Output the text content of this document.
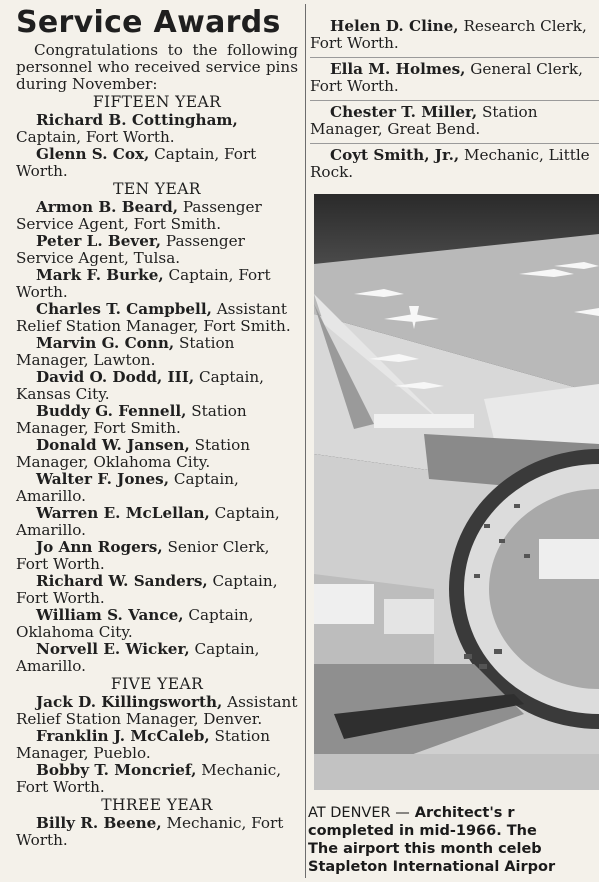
Service Awards
Congratulations to the following personnel who received service pins during November:
FIFTEEN YEAR
Richard B. Cottingham, Captain, Fort Worth.
Glenn S. Cox, Captain, Fort Worth.
TEN YEAR
Armon B. Beard, Passenger Service Agent, Fort Smith.
Peter L. Bever, Passenger Service Agent, Tulsa.
Mark F. Burke, Captain, Fort Worth.
Charles T. Campbell, Assistant Relief Station Manager, Fort Smith.
Marvin G. Conn, Station Manager, Lawton.
David O. Dodd, III, Captain, Kansas City.
Buddy G. Fennell, Station Manager, Fort Smith.
Donald W. Jansen, Station Manager, Oklahoma City.
Walter F. Jones, Captain, Amarillo.
Warren E. McLellan, Captain, Amarillo.
Jo Ann Rogers, Senior Clerk, Fort Worth.
Richard W. Sanders, Captain, Fort Worth.
William S. Vance, Captain, Oklahoma City.
Norvell E. Wicker, Captain, Amarillo.
FIVE YEAR
Jack D. Killingsworth, Assistant Relief Station Manager, Denver.
Franklin J. McCaleb, Station Manager, Pueblo.
Bobby T. Moncrief, Mechanic, Fort Worth.
THREE YEAR
Billy R. Beene, Mechanic, Fort Worth.
Helen D. Cline, Research Clerk, Fort Worth.
Ella M. Holmes, General Clerk, Fort Worth.
Chester T. Miller, Station Manager, Great Bend.
Coyt Smith, Jr., Mechanic, Little Rock.
AT DENVER — Architect's r
completed in mid-1966. The
The airport this month celeb
Stapleton International Airpor
